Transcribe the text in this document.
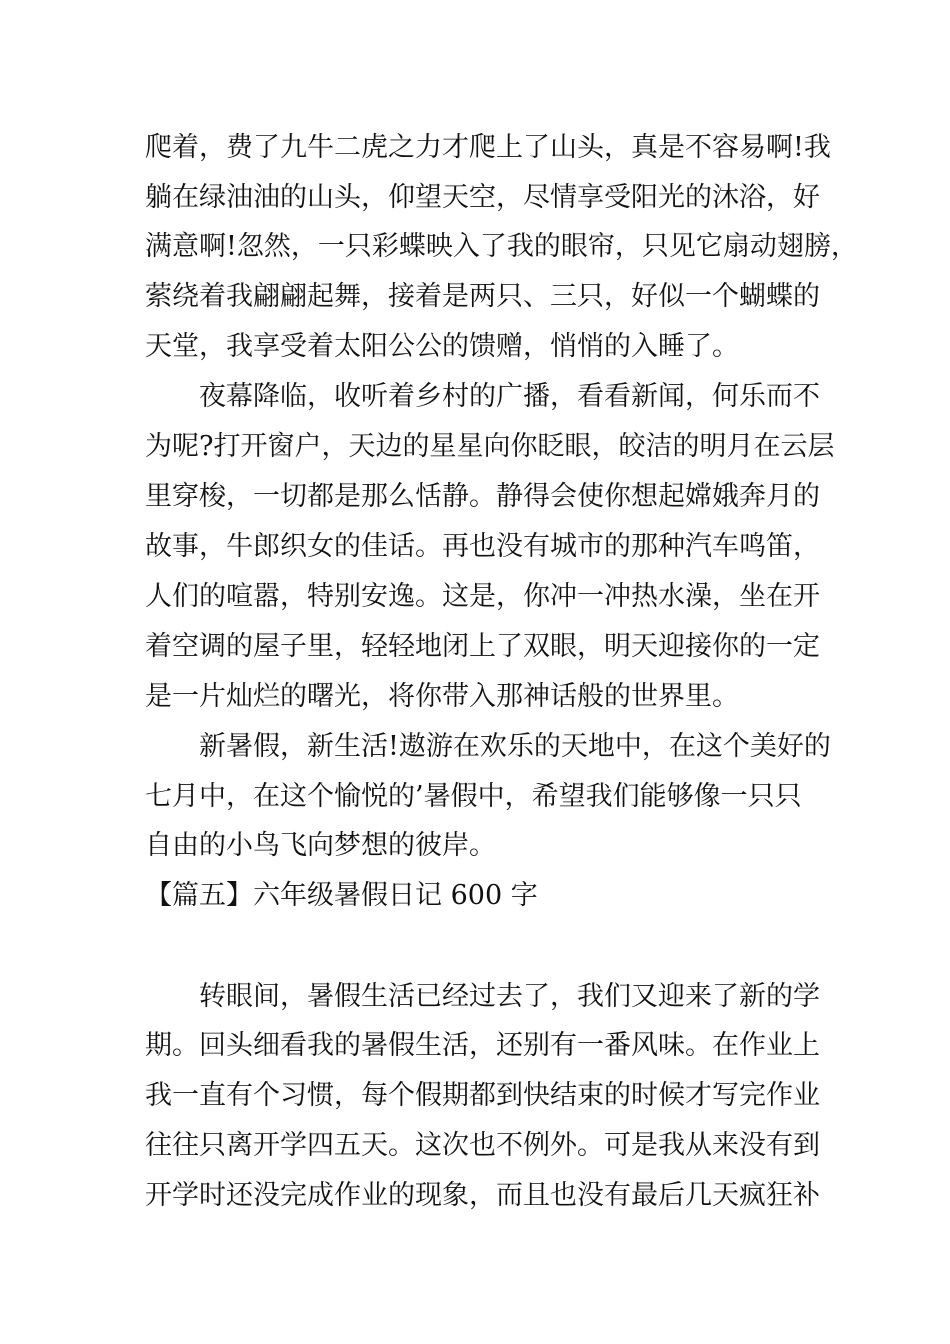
爬着，费了九牛二虎之力才爬上了山头，真是不容易啊!我
躺在绿油油的山头，仰望天空，尽情享受阳光的沐浴，好
满意啊!忽然，一只彩蝶映入了我的眼帘，只见它扇动翅膀，
萦绕着我翩翩起舞，接着是两只、三只，好似一个蝴蝶的
天堂，我享受着太阳公公的馈赠，悄悄的入睡了。
夜幕降临，收听着乡村的广播，看看新闻，何乐而不
为呢?打开窗户，天边的星星向你眨眼，皎洁的明月在云层
里穿梭，一切都是那么恬静。静得会使你想起嫦娥奔月的
故事，牛郎织女的佳话。再也没有城市的那种汽车鸣笛，
人们的喧嚣，特别安逸。这是，你冲一冲热水澡，坐在开
着空调的屋子里，轻轻地闭上了双眼，明天迎接你的一定
是一片灿烂的曙光，将你带入那神话般的世界里。
新暑假，新生活!遨游在欢乐的天地中，在这个美好的
七月中，在这个愉悦的’暑假中，希望我们能够像一只只
自由的小鸟飞向梦想的彼岸。
【篇五】六年级暑假日记 600 字
转眼间，暑假生活已经过去了，我们又迎来了新的学
期。回头细看我的暑假生活，还别有一番风味。在作业上
我一直有个习惯，每个假期都到快结束的时候才写完作业
往往只离开学四五天。这次也不例外。可是我从来没有到
开学时还没完成作业的现象，而且也没有最后几天疯狂补
